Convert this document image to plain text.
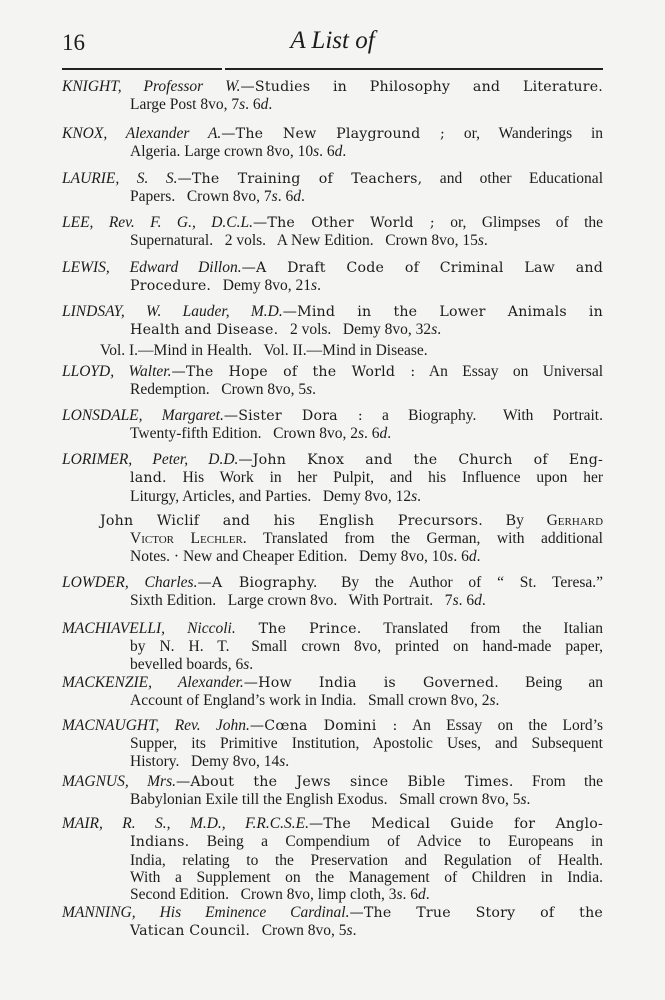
16	A List of
KNIGHT, Professor W.—Studies in Philosophy and Literature.
Large Post 8vo, 7s. 6d.
KNOX, Alexander A.—The New Playground ; or, Wanderings in
Algeria. Large crown 8vo, 10s. 6d.
LAURIE, S. S.—The Training of Teachers, and other Educational
Papers.  Crown 8vo, 7s. 6d.
LEE, Rev. F. G., D.C.L.—The Other World ; or, Glimpses of the
Supernatural.  2 vols.  A New Edition.  Crown 8vo, 15s.
LEWIS, Edward Dillon.—A Draft Code of Criminal Law and
Procedure.  Demy 8vo, 21s.
LINDSAY, W. Lauder, M.D.—Mind in the Lower Animals in
Health and Disease.  2 vols.  Demy 8vo, 32s.
Vol. I.—Mind in Health.  Vol. II.—Mind in Disease.
LLOYD, Walter.—The Hope of the World : An Essay on Universal
Redemption.  Crown 8vo, 5s.
LONSDALE, Margaret.—Sister Dora : a Biography.  With Portrait.
Twenty-fifth Edition.  Crown 8vo, 2s. 6d.
LORIMER, Peter, D.D.—John Knox and the Church of Eng-
land. His Work in her Pulpit, and his Influence upon her
Liturgy, Articles, and Parties.  Demy 8vo, 12s.
John Wiclif and his English Precursors. By Gerhard
Victor Lechler. Translated from the German, with additional
Notes. · New and Cheaper Edition.  Demy 8vo, 10s. 6d.
LOWDER, Charles.—A Biography.  By the Author of “ St. Teresa.”
Sixth Edition.  Large crown 8vo.  With Portrait.  7s. 6d.
MACHIAVELLI, Niccoli. The Prince. Translated from the Italian
by N. H. T.  Small crown 8vo, printed on hand-made paper,
bevelled boards, 6s.
MACKENZIE, Alexander.—How India is Governed. Being an
Account of England’s work in India.  Small crown 8vo, 2s.
MACNAUGHT, Rev. John.—Cœna Domini : An Essay on the Lord’s
Supper, its Primitive Institution, Apostolic Uses, and Subsequent
History.  Demy 8vo, 14s.
MAGNUS, Mrs.—About the Jews since Bible Times. From the
Babylonian Exile till the English Exodus.  Small crown 8vo, 5s.
MAIR, R. S., M.D., F.R.C.S.E.—The Medical Guide for Anglo-
Indians. Being a Compendium of Advice to Europeans in
India, relating to the Preservation and Regulation of Health.
With a Supplement on the Management of Children in India.
Second Edition.  Crown 8vo, limp cloth, 3s. 6d.
MANNING, His Eminence Cardinal.—The True Story of the
Vatican Council.  Crown 8vo, 5s.
